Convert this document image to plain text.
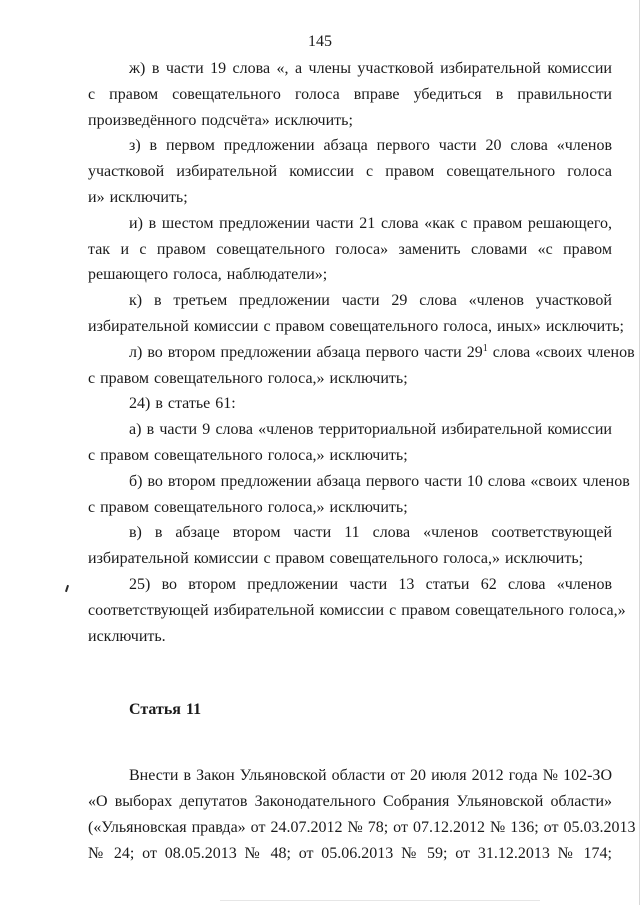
145
ж) в части 19 слова «, а члены участковой избирательной комиссии
с правом совещательного голоса вправе убедиться в правильности
произведённого подсчёта» исключить;
з) в первом предложении абзаца первого части 20 слова «членов
участковой избирательной комиссии с правом совещательного голоса
и» исключить;
и) в шестом предложении части 21 слова «как с правом решающего,
так и с правом совещательного голоса» заменить словами «с правом
решающего голоса, наблюдатели»;
к) в третьем предложении части 29 слова «членов участковой
избирательной комиссии с правом совещательного голоса, иных» исключить;
л) во втором предложении абзаца первого части $29^1$ слова «своих членов
с правом совещательного голоса,» исключить;
24) в статье 61:
а) в части 9 слова «членов территориальной избирательной комиссии
с правом совещательного голоса,» исключить;
б) во втором предложении абзаца первого части 10 слова «своих членов
с правом совещательного голоса,» исключить;
в) в абзаце втором части 11 слова «членов соответствующей
избирательной комиссии с правом совещательного голоса,» исключить;
25) во втором предложении части 13 статьи 62 слова «членов
соответствующей избирательной комиссии с правом совещательного голоса,»
исключить.
Статья 11
Внести в Закон Ульяновской области от 20 июля 2012 года № 102-ЗО
«О выборах депутатов Законодательного Собрания Ульяновской области»
(«Ульяновская правда» от 24.07.2012 № 78; от 07.12.2012 № 136; от 05.03.2013
№ 24; от 08.05.2013 № 48; от 05.06.2013 № 59; от 31.12.2013 № 174;
